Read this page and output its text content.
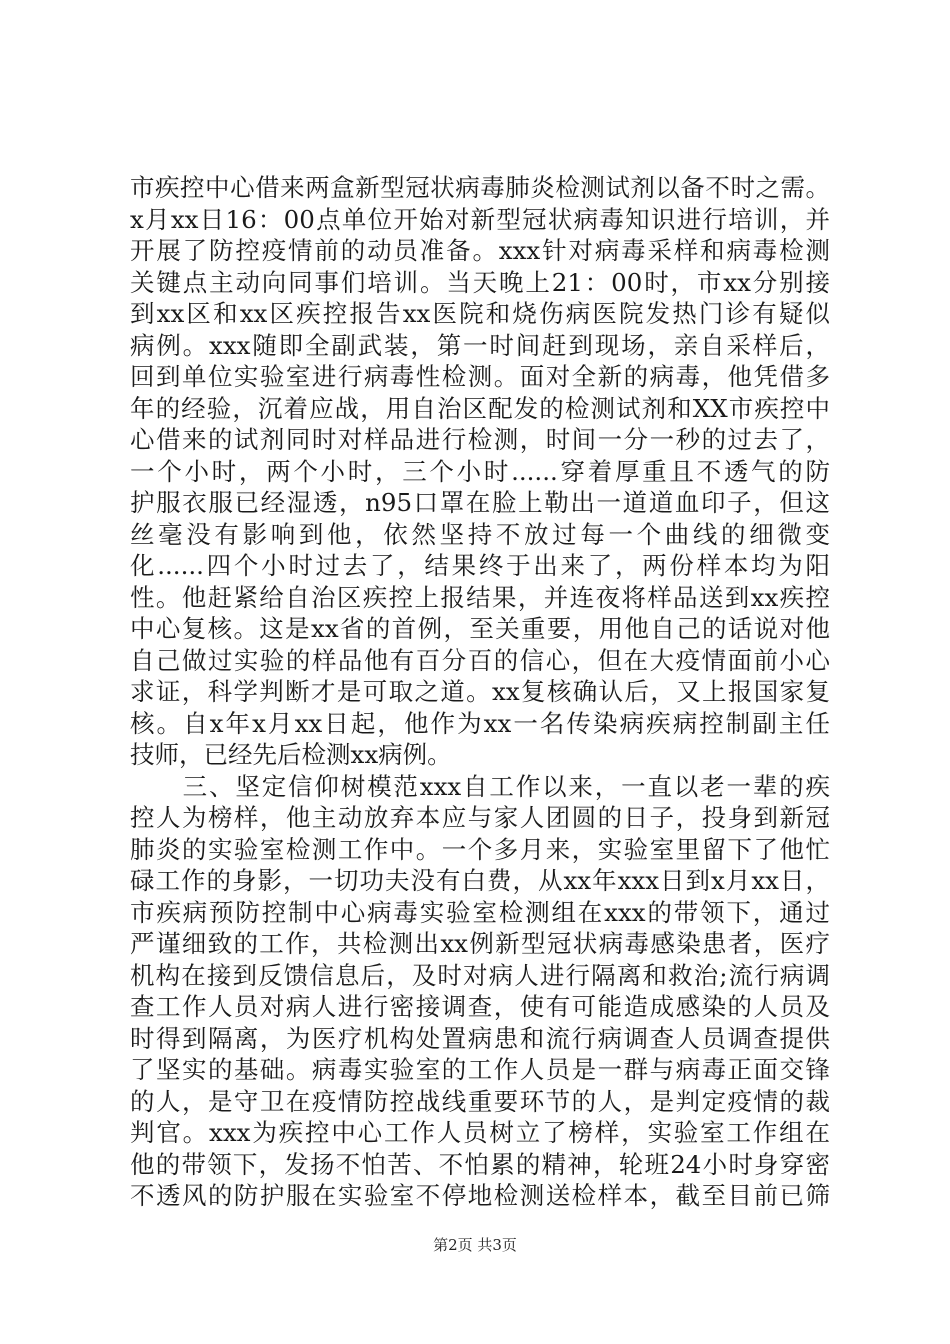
市疾控中心借来两盒新型冠状病毒肺炎检测试剂以备不时之需。
x月xx日16：00点单位开始对新型冠状病毒知识进行培训，并
开展了防控疫情前的动员准备。xxx针对病毒采样和病毒检测
关键点主动向同事们培训。当天晚上21：00时，市xx分别接
到xx区和xx区疾控报告xx医院和烧伤病医院发热门诊有疑似
病例。xxx随即全副武装，第一时间赶到现场，亲自采样后，
回到单位实验室进行病毒性检测。面对全新的病毒，他凭借多
年的经验，沉着应战，用自治区配发的检测试剂和XX市疾控中
心借来的试剂同时对样品进行检测，时间一分一秒的过去了，
一个小时，两个小时，三个小时......穿着厚重且不透气的防
护服衣服已经湿透，n95口罩在脸上勒出一道道血印子，但这
丝毫没有影响到他，依然坚持不放过每一个曲线的细微变
化......四个小时过去了，结果终于出来了，两份样本均为阳
性。他赶紧给自治区疾控上报结果，并连夜将样品送到xx疾控
中心复核。这是xx省的首例，至关重要，用他自己的话说对他
自己做过实验的样品他有百分百的信心，但在大疫情面前小心
求证，科学判断才是可取之道。xx复核确认后，又上报国家复
核。自x年x月xx日起，他作为xx一名传染病疾病控制副主任
技师，已经先后检测xx病例。
　　三、坚定信仰树模范xxx自工作以来，一直以老一辈的疾
控人为榜样，他主动放弃本应与家人团圆的日子，投身到新冠
肺炎的实验室检测工作中。一个多月来，实验室里留下了他忙
碌工作的身影，一切功夫没有白费，从xx年xxx日到x月xx日，
市疾病预防控制中心病毒实验室检测组在xxx的带领下，通过
严谨细致的工作，共检测出xx例新型冠状病毒感染患者，医疗
机构在接到反馈信息后，及时对病人进行隔离和救治;流行病调
查工作人员对病人进行密接调查，使有可能造成感染的人员及
时得到隔离，为医疗机构处置病患和流行病调查人员调查提供
了坚实的基础。病毒实验室的工作人员是一群与病毒正面交锋
的人，是守卫在疫情防控战线重要环节的人，是判定疫情的裁
判官。xxx为疾控中心工作人员树立了榜样，实验室工作组在
他的带领下，发扬不怕苦、不怕累的精神，轮班24小时身穿密
不透风的防护服在实验室不停地检测送检样本，截至目前已筛
第2页 共3页
